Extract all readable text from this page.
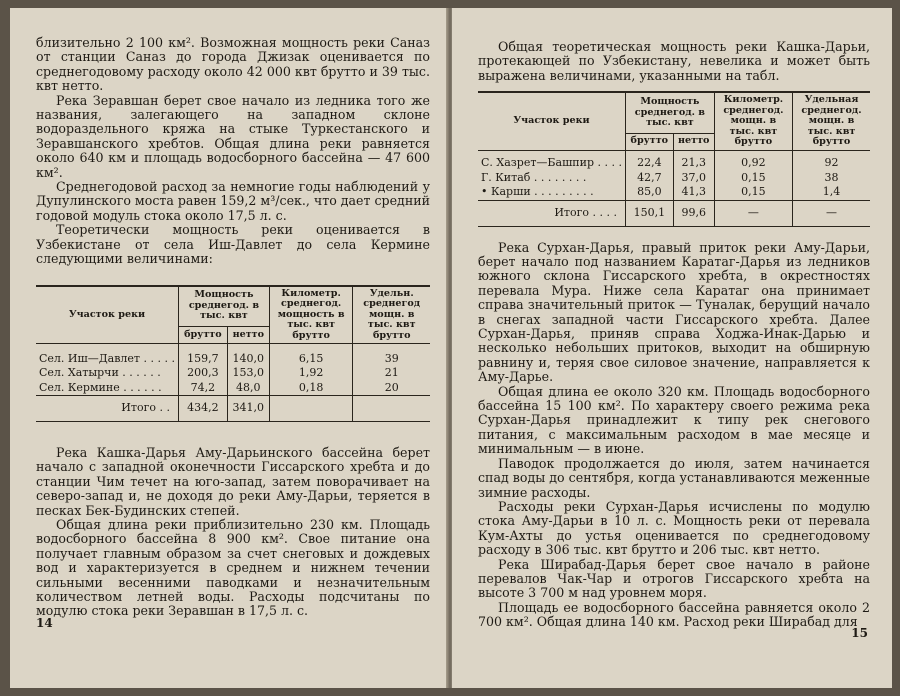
близительно 2 100 км². Возможная мощность реки Саназ от станции Саназ до города Джизак оценивается по среднегодовому расходу около 42 000 квт брутто и 39 тыс. квт нетто.

Река Зеравшан берет свое начало из ледника того же названия, залегающего на западном склоне водораздельного кряжа на стыке Туркестанского и Зеравшанского хребтов. Общая длина реки равняется около 640 км и площадь водосборного бассейна — 47 600 км².

Среднегодовой расход за немногие годы наблюдений у Дупулинского моста равен 159,2 м³/сек., что дает средний годовой модуль стока около 17,5 л. с.

Теоретически мощность реки оценивается в Узбекистане от села Иш-Давлет до села Кермине следующими величинами:

Участок реки	Мощность среднегод. в тыс. квт		Километр. среднегод. мощность в тыс. квт брутто	Удельн. среднегод мощн. в тыс. квт брутто
	брутто	нетто		

Сел. Иш—Давлет . . . . .	159,7	140,0	6,15	39
Сел. Хатырчи . . . . . .	200,3	153,0	1,92	21
Сел. Кермине . . . . . .	74,2	48,0	0,18	20
Итого . .	434,2	341,0		

Река Кашка-Дарья Аму-Дарьинского бассейна берет начало с западной оконечности Гиссарского хребта и до станции Чим течет на юго-запад, затем поворачивает на северо-запад и, не доходя до реки Аму-Дарьи, теряется в песках Бек-Будинских степей.

Общая длина реки приблизительно 230 км. Площадь водосборного бассейна 8 900 км². Свое питание она получает главным образом за счет снеговых и дождевых вод и характеризуется в среднем и нижнем течении сильными весенними паводками и незначительным количеством летней воды. Расходы подсчитаны по модулю стока реки Зеравшан в 17,5 л. с.

14

Общая теоретическая мощность реки Кашка-Дарьи, протекающей по Узбекистану, невелика и может быть выражена величинами, указанными на табл.

Участок реки	Мощность среднегод. в тыс. квт		Километр. среднегод. мощн. в тыс. квт брутто	Удельная среднегод. мощн. в тыс. квт брутто
	брутто	нетто		

С. Хазрет—Башпир . . . .	22,4	21,3	0,92	92
Г. Китаб . . . . . . . .	42,7	37,0	0,15	38
• Карши . . . . . . . . .	85,0	41,3	0,15	1,4
Итого . . . .	150,1	99,6	—	—

Река Сурхан-Дарья, правый приток реки Аму-Дарьи, берет начало под названием Каратаг-Дарья из ледников южного склона Гиссарского хребта, в окрестностях перевала Мура. Ниже села Каратаг она принимает справа значительный приток — Туналак, берущий начало в снегах западной части Гиссарского хребта. Далее Сурхан-Дарья, приняв справа Ходжа-Инак-Дарью и несколько небольших притоков, выходит на обширную равнину и, теряя свое силовое значение, направляется к Аму-Дарье.

Общая длина ее около 320 км. Площадь водосборного бассейна 15 100 км². По характеру своего режима река Сурхан-Дарья принадлежит к типу рек снегового питания, с максимальным расходом в мае месяце и минимальным — в июне.

Паводок продолжается до июля, затем начинается спад воды до сентября, когда устанавливаются меженные зимние расходы.

Расходы реки Сурхан-Дарья исчислены по модулю стока Аму-Дарьи в 10 л. с. Мощность реки от перевала Кум-Ахты до устья оценивается по среднегодовому расходу в 306 тыс. квт брутто и 206 тыс. квт нетто.

Река Ширабад-Дарья берет свое начало в районе перевалов Чак-Чар и отрогов Гиссарского хребта на высоте 3 700 м над уровнем моря.

Площадь ее водосборного бассейна равняется около 2 700 км². Общая длина 140 км. Расход реки Ширабад для

15
